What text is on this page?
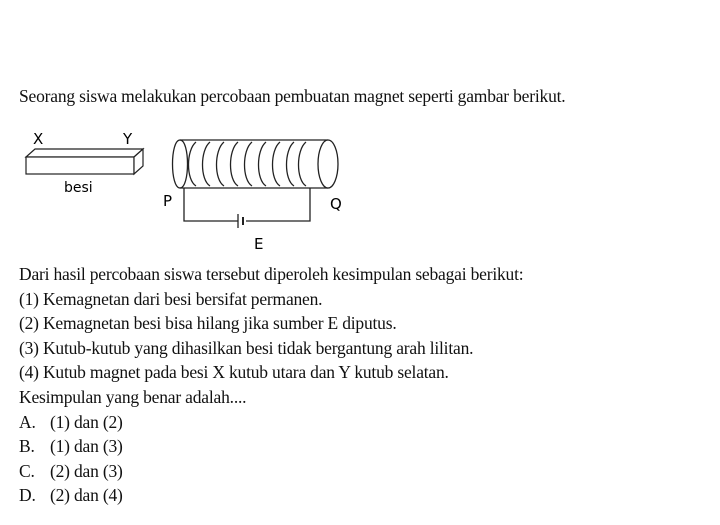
Seorang siswa melakukan percobaan pembuatan magnet seperti gambar berikut.
X	Y
besi
P	Q
E
Dari hasil percobaan siswa tersebut diperoleh kesimpulan sebagai berikut:
(1) Kemagnetan dari besi bersifat permanen.
(2) Kemagnetan besi bisa hilang jika sumber E diputus.
(3) Kutub-kutub yang dihasilkan besi tidak bergantung arah lilitan.
(4) Kutub magnet pada besi X kutub utara dan Y kutub selatan.
Kesimpulan yang benar adalah....
A. (1) dan (2)
B. (1) dan (3)
C. (2) dan (3)
D. (2) dan (4)
